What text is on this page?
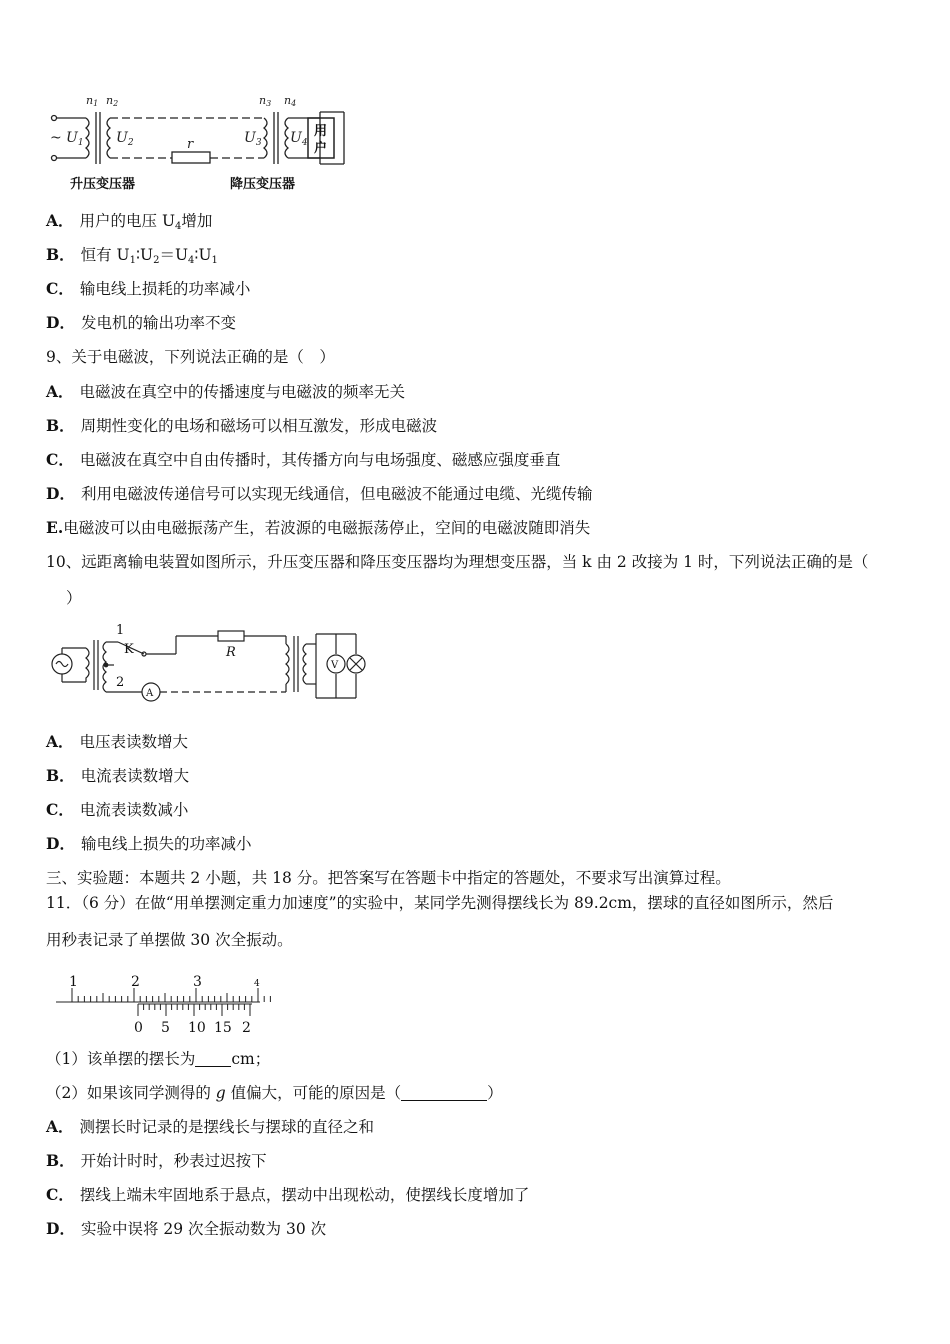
n1 n2	n3 n4
$U_1$ $U_2$	$U_3$ $U_4$
r
~	用
户
升压变压器	降压变压器
A． 用户的电压 $U_4$增加
B． 恒有 $U_1∶U_2=U_4∶U_1$
C． 输电线上损耗的功率减小
D． 发电机的输出功率不变
9、关于电磁波，下列说法正确的是（　）
A． 电磁波在真空中的传播速度与电磁波的频率无关
B． 周期性变化的电场和磁场可以相互激发，形成电磁波
C． 电磁波在真空中自由传播时，其传播方向与电场强度、磁感应强度垂直
D． 利用电磁波传递信号可以实现无线通信，但电磁波不能通过电缆、光缆传输
E.电磁波可以由电磁振荡产生，若波源的电磁振荡停止，空间的电磁波随即消失
10、远距离输电装置如图所示，升压变压器和降压变压器均为理想变压器，当 k 由 2 改接为 1 时，下列说法正确的是（
）
1
2
K	R
A
V
A． 电压表读数增大
B． 电流表读数增大
C． 电流表读数减小
D． 输电线上损失的功率减小
三、实验题：本题共 2 小题，共 18 分。把答案写在答题卡中指定的答题处，不要求写出演算过程。
11．（6 分）在做“用单摆测定重力加速度”的实验中，某同学先测得摆线长为 89.2cm，摆球的直径如图所示，然后
用秒表记录了单摆做 30 次全振动。
1	2	3	4
0 5 10 15 2
（1）该单摆的摆长为 cm；
（2）如果该同学测得的 g 值偏大，可能的原因是（	）
A． 测摆长时记录的是摆线长与摆球的直径之和
B． 开始计时时，秒表过迟按下
C． 摆线上端未牢固地系于悬点，摆动中出现松动，使摆线长度增加了
D． 实验中误将 29 次全振动数为 30 次
